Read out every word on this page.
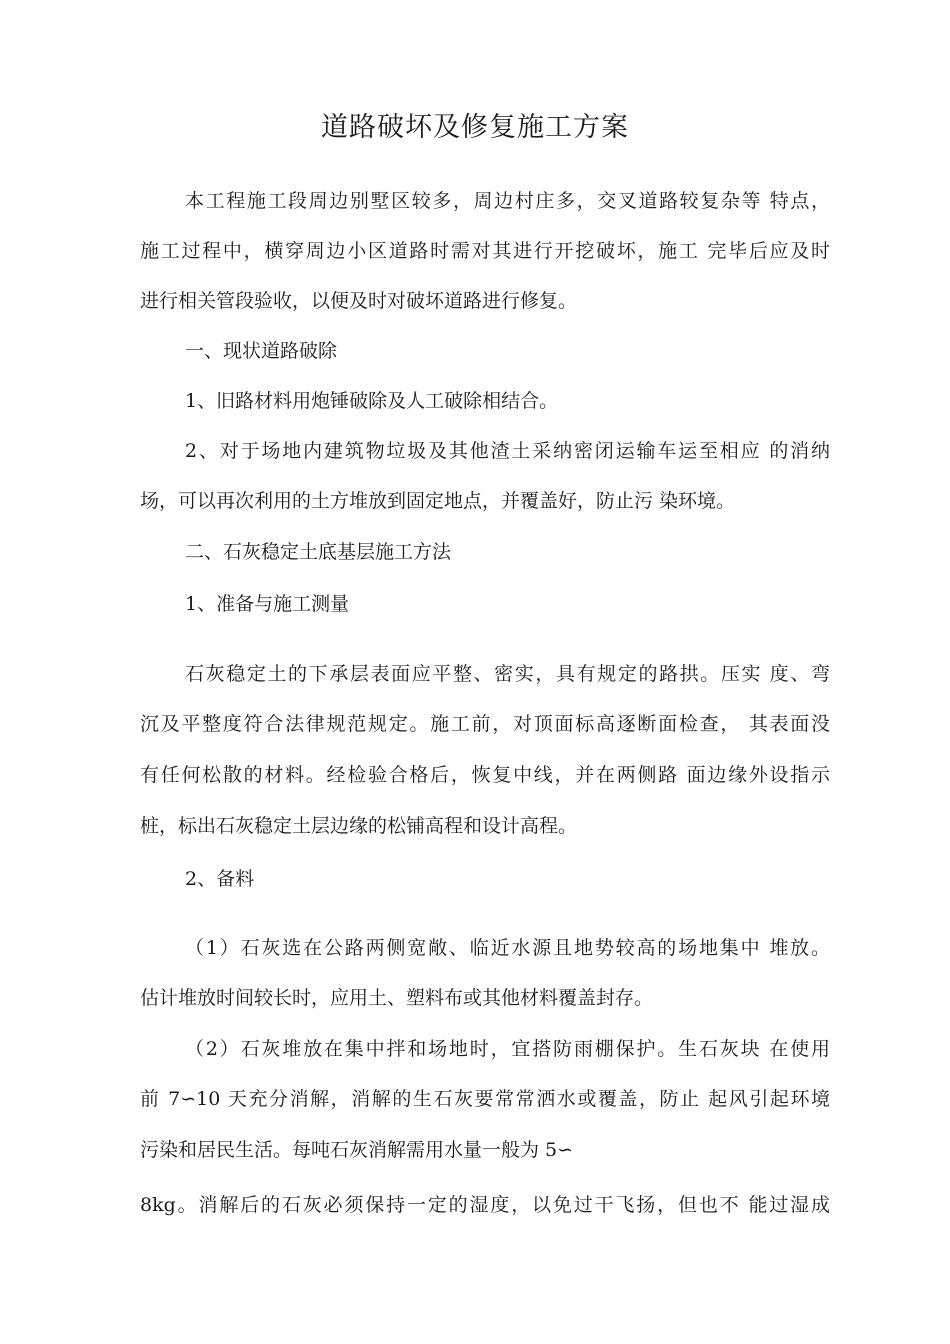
道路破坏及修复施工方案
本工程施工段周边别墅区较多，周边村庄多，交叉道路较复杂等 特点，
施工过程中，横穿周边小区道路时需对其进行开挖破坏，施工 完毕后应及时
进行相关管段验收，以便及时对破坏道路进行修复。
一、现状道路破除
1、旧路材料用炮锤破除及人工破除相结合。
2、对于场地内建筑物垃圾及其他渣土采纳密闭运输车运至相应 的消纳
场，可以再次利用的土方堆放到固定地点，并覆盖好，防止污 染环境。
二、石灰稳定土底基层施工方法
1、准备与施工测量
石灰稳定土的下承层表面应平整、密实，具有规定的路拱。压实 度、弯
沉及平整度符合法律规范规定。施工前，对顶面标高逐断面检查， 其表面没
有任何松散的材料。经检验合格后，恢复中线，并在两侧路 面边缘外设指示
桩，标出石灰稳定土层边缘的松铺高程和设计高程。
2、备料
（1）石灰选在公路两侧宽敞、临近水源且地势较高的场地集中 堆放。
估计堆放时间较长时，应用土、塑料布或其他材料覆盖封存。
（2）石灰堆放在集中拌和场地时，宜搭防雨棚保护。生石灰块 在使用
前 7∽10 天充分消解，消解的生石灰要常常洒水或覆盖，防止 起风引起环境
污染和居民生活。每吨石灰消解需用水量一般为 5∽
8kg。消解后的石灰必须保持一定的湿度，以免过干飞扬，但也不 能过湿成
